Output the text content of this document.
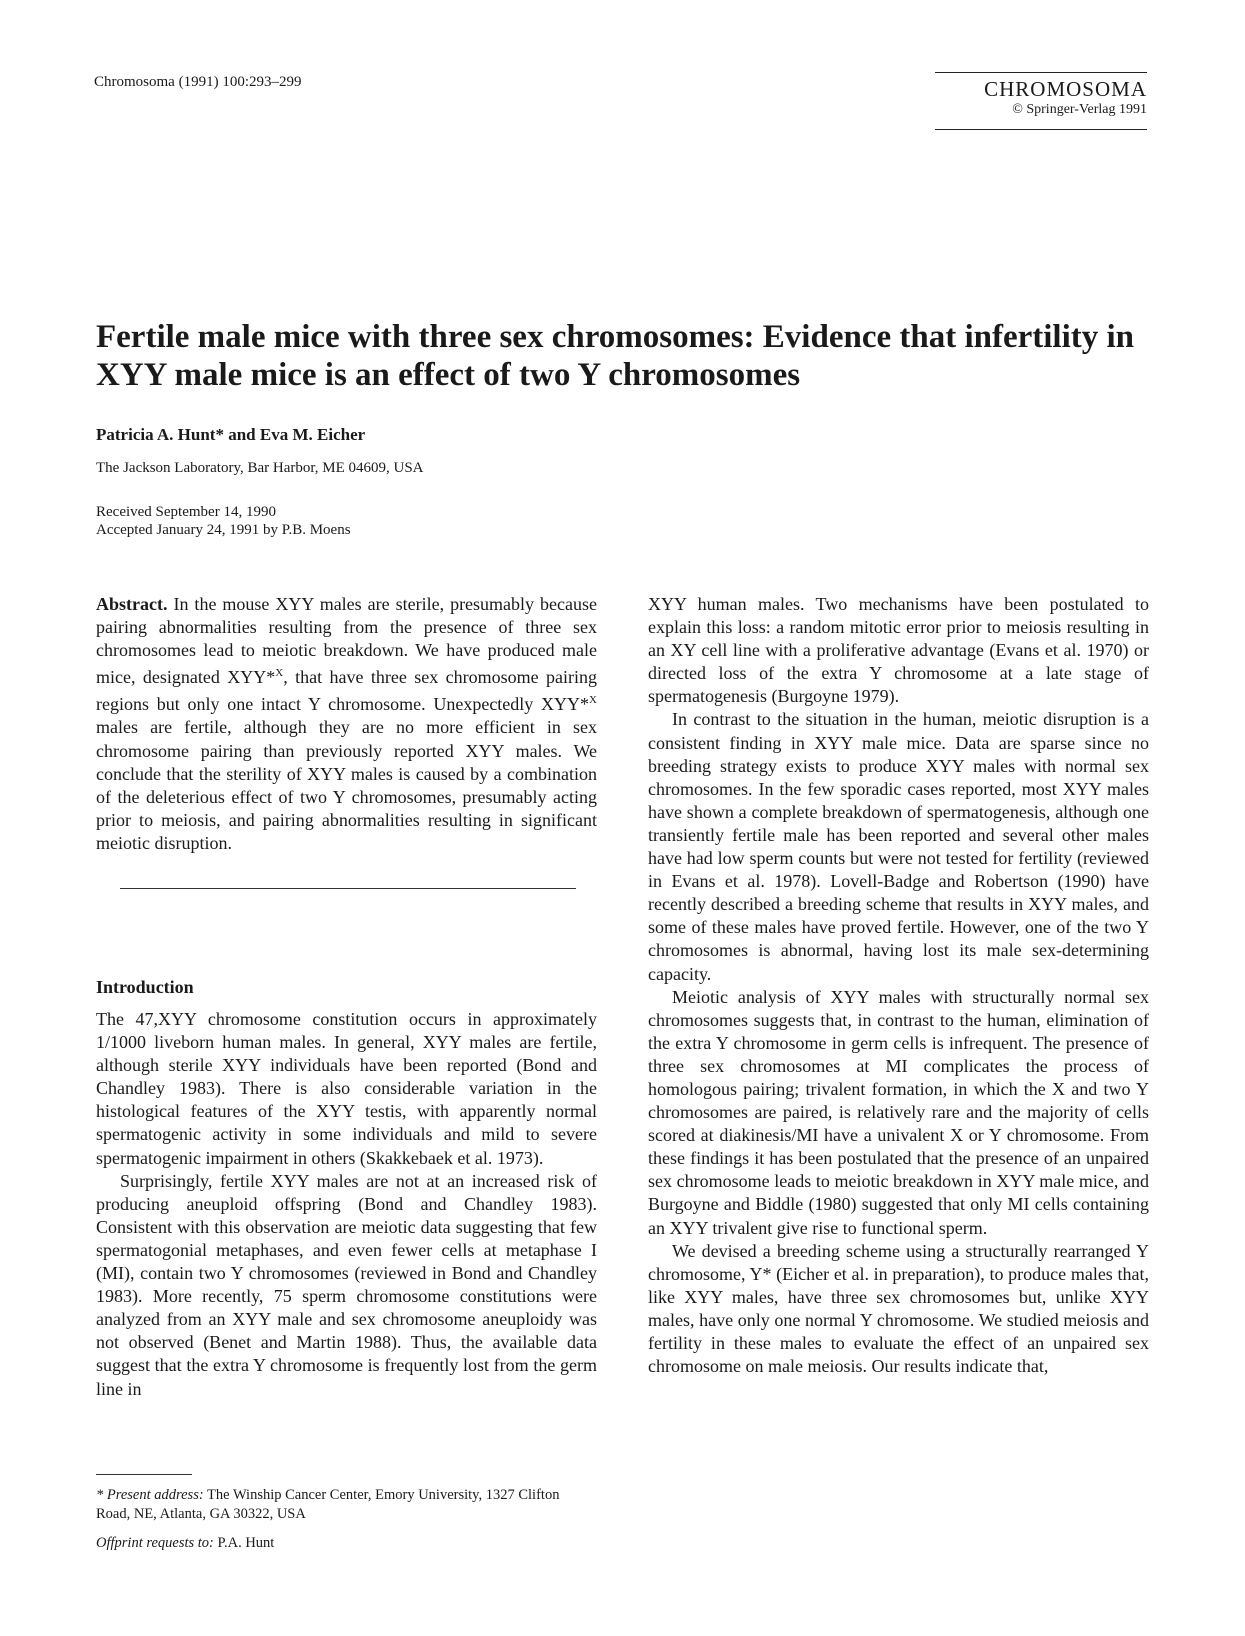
Chromosoma (1991) 100:293–299	CHROMOSOMA
© Springer-Verlag 1991
Fertile male mice with three sex chromosomes: Evidence that infertility in XYY male mice is an effect of two Y chromosomes
Patricia A. Hunt* and Eva M. Eicher
The Jackson Laboratory, Bar Harbor, ME 04609, USA
Received September 14, 1990
Accepted January 24, 1991 by P.B. Moens

Abstract. In the mouse XYY males are sterile, presumably because pairing abnormalities resulting from the presence of three sex chromosomes lead to meiotic breakdown. We have produced male mice, designated XYY*$^X$, that have three sex chromosome pairing regions but only one intact Y chromosome. Unexpectedly XYY*$^X$ males are fertile, although they are no more efficient in sex chromosome pairing than previously reported XYY males. We conclude that the sterility of XYY males is caused by a combination of the deleterious effect of two Y chromosomes, presumably acting prior to meiosis, and pairing abnormalities resulting in significant meiotic disruption.

Introduction

The 47,XYY chromosome constitution occurs in approximately 1/1000 liveborn human males. In general, XYY males are fertile, although sterile XYY individuals have been reported (Bond and Chandley 1983). There is also considerable variation in the histological features of the XYY testis, with apparently normal spermatogenic activity in some individuals and mild to severe spermatogenic impairment in others (Skakkebaek et al. 1973).

Surprisingly, fertile XYY males are not at an increased risk of producing aneuploid offspring (Bond and Chandley 1983). Consistent with this observation are meiotic data suggesting that few spermatogonial metaphases, and even fewer cells at metaphase I (MI), contain two Y chromosomes (reviewed in Bond and Chandley 1983). More recently, 75 sperm chromosome constitutions were analyzed from an XYY male and sex chromosome aneuploidy was not observed (Benet and Martin 1988). Thus, the available data suggest that the extra Y chromosome is frequently lost from the germ line in

XYY human males. Two mechanisms have been postulated to explain this loss: a random mitotic error prior to meiosis resulting in an XY cell line with a proliferative advantage (Evans et al. 1970) or directed loss of the extra Y chromosome at a late stage of spermatogenesis (Burgoyne 1979).

In contrast to the situation in the human, meiotic disruption is a consistent finding in XYY male mice. Data are sparse since no breeding strategy exists to produce XYY males with normal sex chromosomes. In the few sporadic cases reported, most XYY males have shown a complete breakdown of spermatogenesis, although one transiently fertile male has been reported and several other males have had low sperm counts but were not tested for fertility (reviewed in Evans et al. 1978). Lovell-Badge and Robertson (1990) have recently described a breeding scheme that results in XYY males, and some of these males have proved fertile. However, one of the two Y chromosomes is abnormal, having lost its male sex-determining capacity.

Meiotic analysis of XYY males with structurally normal sex chromosomes suggests that, in contrast to the human, elimination of the extra Y chromosome in germ cells is infrequent. The presence of three sex chromosomes at MI complicates the process of homologous pairing; trivalent formation, in which the X and two Y chromosomes are paired, is relatively rare and the majority of cells scored at diakinesis/MI have a univalent X or Y chromosome. From these findings it has been postulated that the presence of an unpaired sex chromosome leads to meiotic breakdown in XYY male mice, and Burgoyne and Biddle (1980) suggested that only MI cells containing an XYY trivalent give rise to functional sperm.

We devised a breeding scheme using a structurally rearranged Y chromosome, Y* (Eicher et al. in preparation), to produce males that, like XYY males, have three sex chromosomes but, unlike XYY males, have only one normal Y chromosome. We studied meiosis and fertility in these males to evaluate the effect of an unpaired sex chromosome on male meiosis. Our results indicate that,

* Present address: The Winship Cancer Center, Emory University, 1327 Clifton Road, NE, Atlanta, GA 30322, USA

Offprint requests to: P.A. Hunt
